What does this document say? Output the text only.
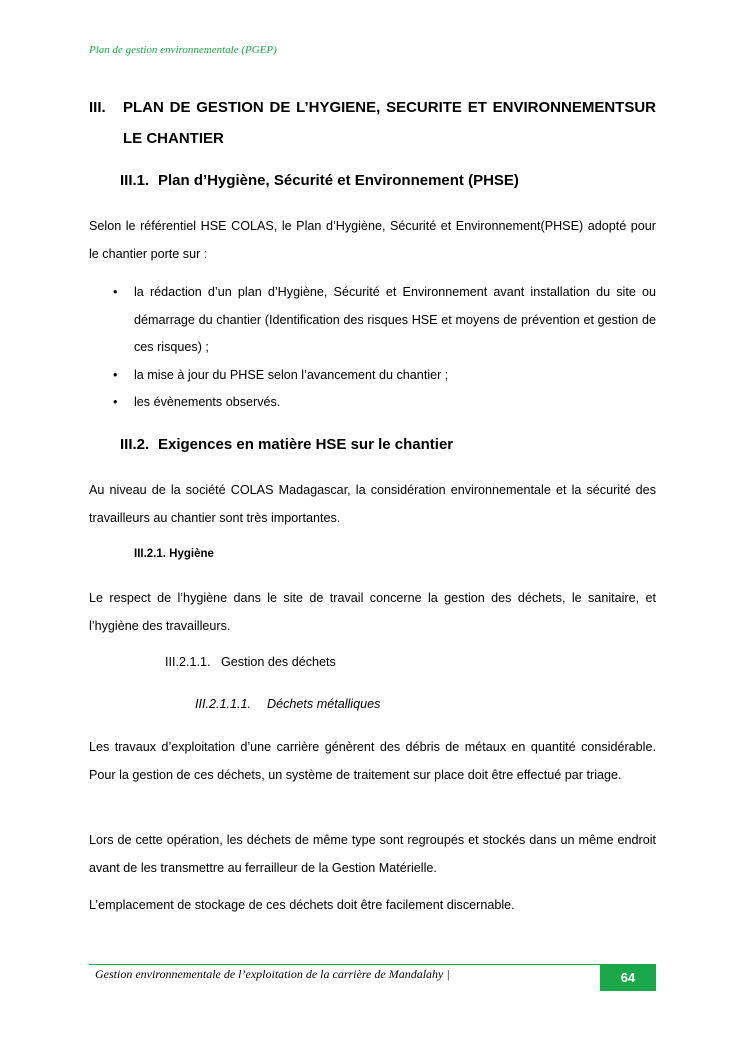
Plan de gestion environnementale (PGEP)
III. PLAN DE GESTION DE L’HYGIENE, SECURITE ET ENVIRONNEMENTSUR LE CHANTIER
III.1. Plan d’Hygiène, Sécurité et Environnement (PHSE)
Selon le référentiel HSE COLAS, le Plan d’Hygiène, Sécurité et Environnement(PHSE) adopté pour le chantier porte sur :
• la rédaction d’un plan d’Hygiène, Sécurité et Environnement avant installation du site ou démarrage du chantier (Identification des risques HSE et moyens de prévention et gestion de ces risques) ;
• la mise à jour du PHSE selon l’avancement du chantier ;
• les évènements observés.
III.2. Exigences en matière HSE sur le chantier
Au niveau de la société COLAS Madagascar, la considération environnementale et la sécurité des travailleurs au chantier sont très importantes.
III.2.1. Hygiène
Le respect de l’hygiène dans le site de travail concerne la gestion des déchets, le sanitaire, et l’hygiène des travailleurs.
III.2.1.1. Gestion des déchets
III.2.1.1.1. Déchets métalliques
Les travaux d’exploitation d’une carrière génèrent des débris de métaux en quantité considérable. Pour la gestion de ces déchets, un système de traitement sur place doit être effectué par triage.
Lors de cette opération, les déchets de même type sont regroupés et stockés dans un même endroit avant de les transmettre au ferrailleur de la Gestion Matérielle.
L’emplacement de stockage de ces déchets doit être facilement discernable.
Gestion environnementale de l’exploitation de la carrière de Mandalahy |	64
